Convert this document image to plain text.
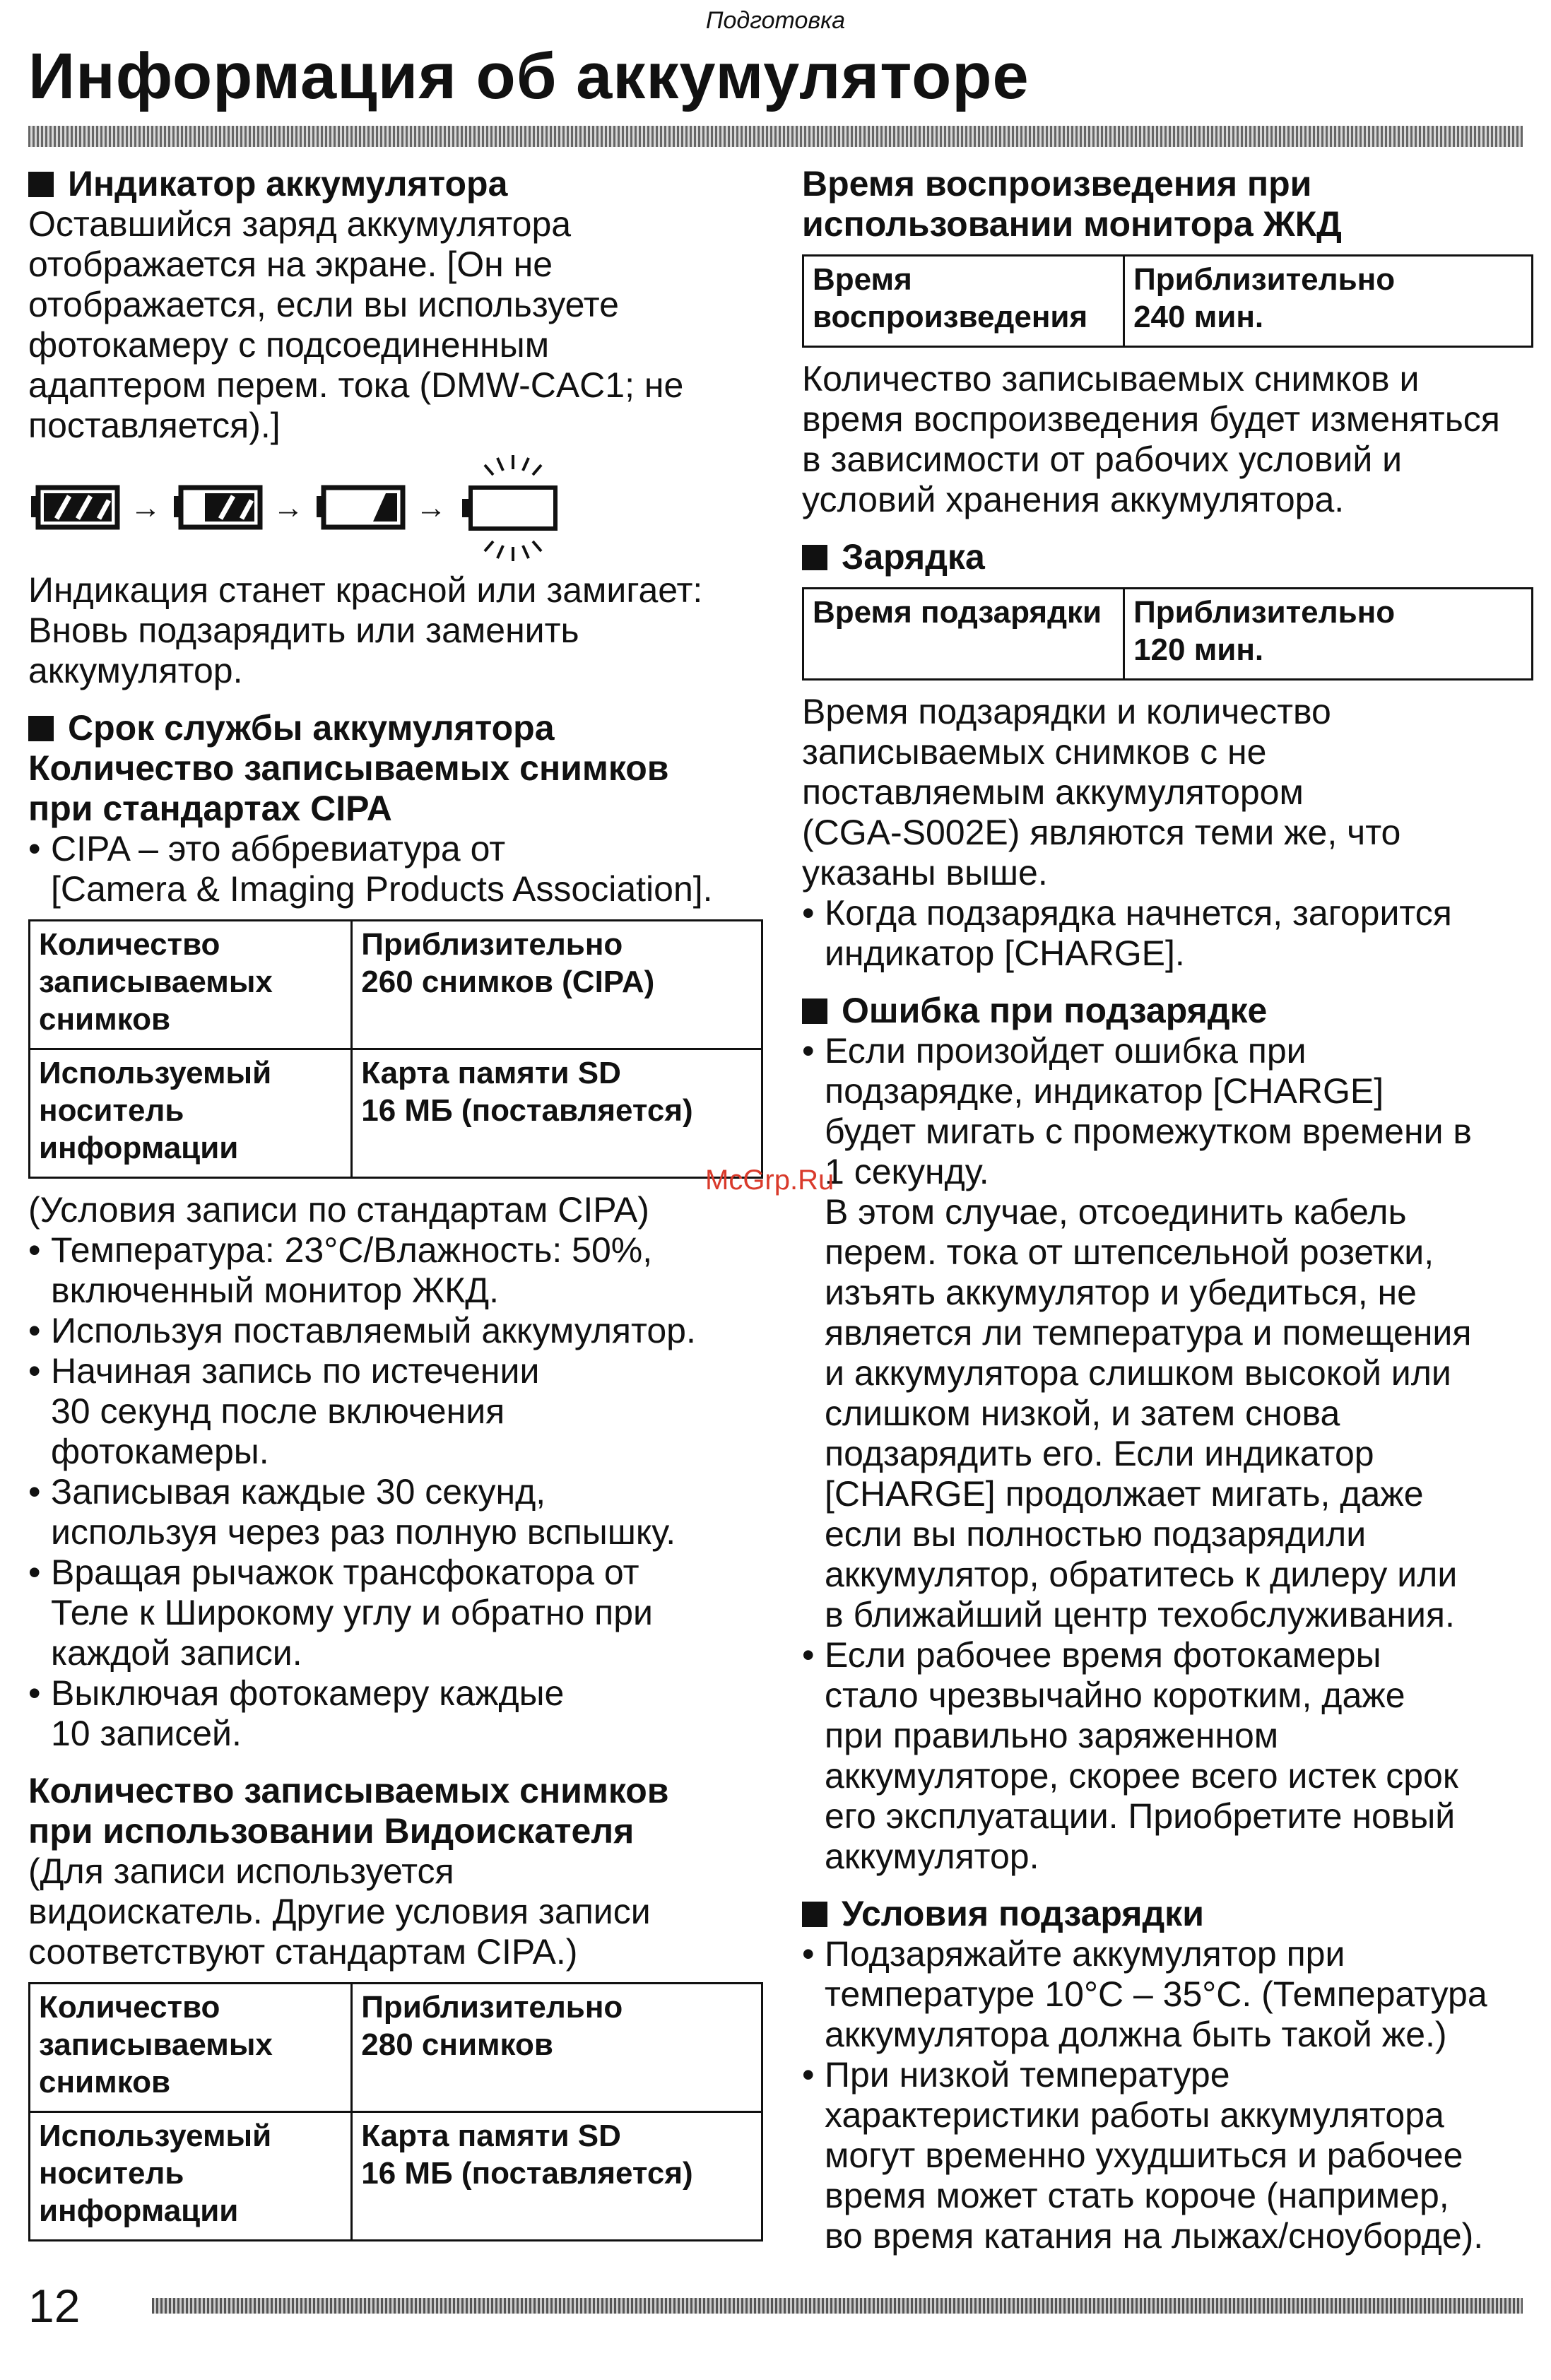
Подготовка
Информация об аккумуляторе
Индикатор аккумулятора

Оставшийся заряд аккумулятора
отображается на экране. [Он не
отображается, если вы используете
фотокамеру с подсоединенным
адаптером перем. тока (DMW-CAC1; не
поставляется).]

→	→	→

Индикация станет красной или замигает:
Вновь подзарядить или заменить
аккумулятор.

Срок службы аккумулятора
Количество записываемых снимков
при стандартах CIPA

• CIPA – это аббревиатура от
[Camera & Imaging Products Association].

Количество
записываемых
снимков	Приблизительно
260 снимков (CIPA)
Используемый
носитель
информации	Карта памяти SD
16 МБ (поставляется)

(Условия записи по стандартам CIPA)

• Температура: 23°С/Влажность: 50%,
включенный монитор ЖКД.

• Используя поставляемый аккумулятор.

• Начиная запись по истечении
30 секунд после включения
фотокамеры.

• Записывая каждые 30 секунд,
используя через раз полную вспышку.

• Вращая рычажок трансфокатора от
Теле к Широкому углу и обратно при
каждой записи.

• Выключая фотокамеру каждые
10 записей.

Количество записываемых снимков
при использовании Видоискателя

(Для записи используется
видоискатель. Другие условия записи
соответствуют стандартам CIPA.)

Количество
записываемых
снимков	Приблизительно
280 снимков
Используемый
носитель
информации	Карта памяти SD
16 МБ (поставляется)
Время воспроизведения при
использовании монитора ЖКД
Время
воспроизведения	Приблизительно
240 мин.

Количество записываемых снимков и
время воспроизведения будет изменяться
в зависимости от рабочих условий и
условий хранения аккумулятора.

Зарядка
Время подзарядки	Приблизительно
120 мин.

Время подзарядки и количество
записываемых снимков с не
поставляемым аккумулятором
(CGA-S002E) являются теми же, что
указаны выше.

• Когда подзарядка начнется, загорится
индикатор [CHARGE].

Ошибка при подзарядке

• Если произойдет ошибка при
подзарядке, индикатор [CHARGE]
будет мигать с промежутком времени в
1 секунду.

В этом случае, отсоединить кабель
перем. тока от штепсельной розетки,
изъять аккумулятор и убедиться, не
является ли температура и помещения
и аккумулятора слишком высокой или
слишком низкой, и затем снова
подзарядить его. Если индикатор
[CHARGE] продолжает мигать, даже
если вы полностью подзарядили
аккумулятор, обратитесь к дилеру или
в ближайший центр техобслуживания.

• Если рабочее время фотокамеры
стало чрезвычайно коротким, даже
при правильно заряженном
аккумуляторе, скорее всего истек срок
его эксплуатации. Приобретите новый
аккумулятор.

Условия подзарядки

• Подзаряжайте аккумулятор при
температуре 10°С – 35°С. (Температура
аккумулятора должна быть такой же.)

• При низкой температуре
характеристики работы аккумулятора
могут временно ухудшиться и рабочее
время может стать короче (например,
во время катания на лыжах/сноуборде).

McGrp.Ru
12
